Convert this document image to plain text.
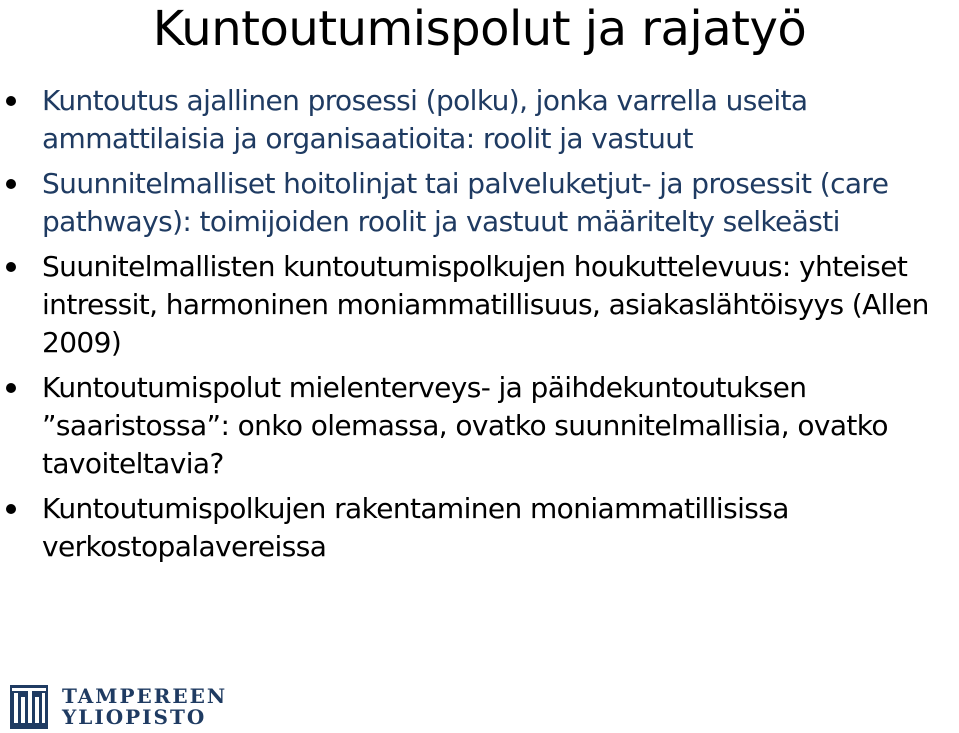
Kuntoutumispolut ja rajatyö
Kuntoutus ajallinen prosessi (polku), jonka varrella useita ammattilaisia ja organisaatioita: roolit ja vastuut
Suunnitelmalliset hoitolinjat tai palveluketjut- ja prosessit (care pathways): toimijoiden roolit ja vastuut määritelty selkeästi
Suunitelmallisten kuntoutumispolkujen houkuttelevuus: yhteiset intressit, harmoninen moniammatillisuus, asiakaslähtöisyys (Allen 2009)
Kuntoutumispolut mielenterveys- ja päihdekuntoutuksen ”saaristossa”: onko olemassa, ovatko suunnitelmallisia, ovatko tavoiteltavia?
Kuntoutumispolkujen rakentaminen moniammatillisissa verkostopalavereissa
TAMPEREEN
YLIOPISTO
